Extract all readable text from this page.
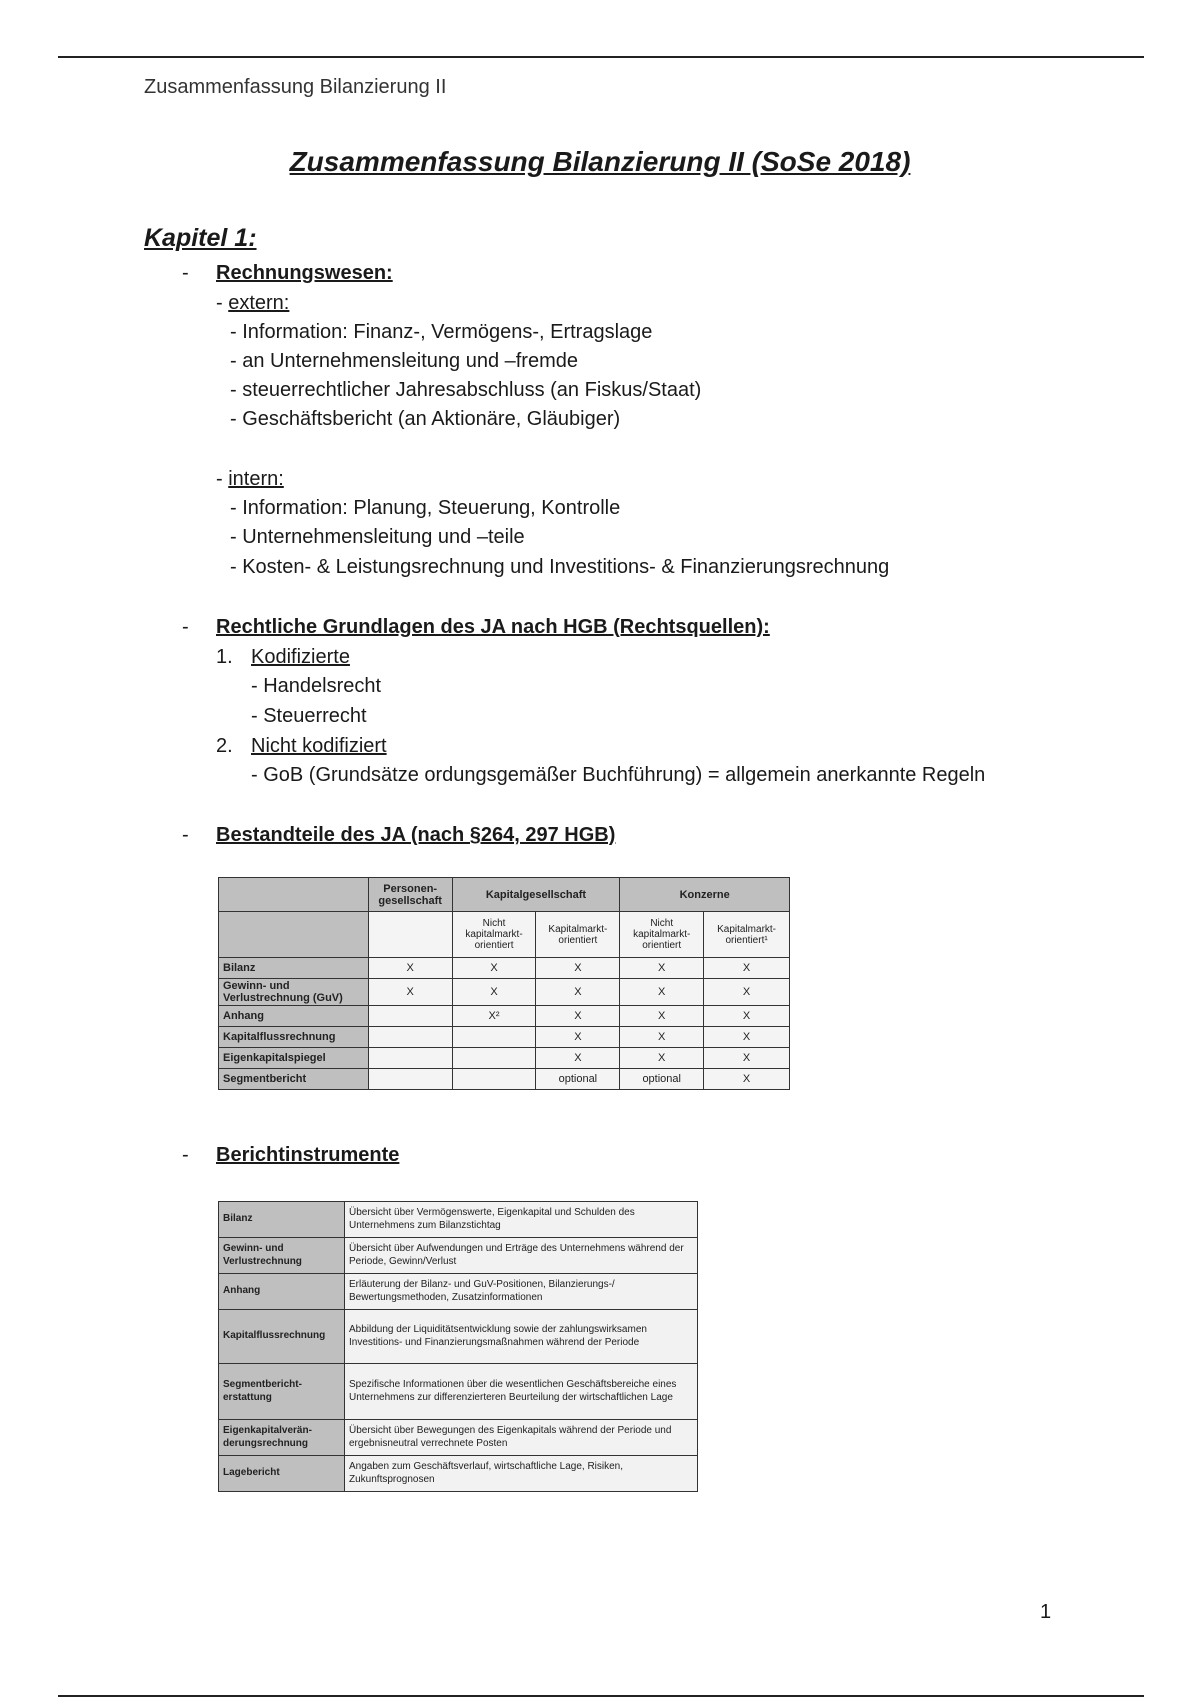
Zusammenfassung Bilanzierung II
Zusammenfassung Bilanzierung II (SoSe 2018)
Kapitel 1:
- Rechnungswesen:
- extern:
- Information: Finanz-, Vermögens-, Ertragslage
- an Unternehmensleitung und –fremde
- steuerrechtlicher Jahresabschluss (an Fiskus/Staat)
- Geschäftsbericht (an Aktionäre, Gläubiger)
- intern:
- Information: Planung, Steuerung, Kontrolle
- Unternehmensleitung und –teile
- Kosten- & Leistungsrechnung und Investitions- & Finanzierungsrechnung
- Rechtliche Grundlagen des JA nach HGB (Rechtsquellen):
1. Kodifizierte
- Handelsrecht
- Steuerrecht
2. Nicht kodifiziert
- GoB (Grundsätze ordungsgemäßer Buchführung) = allgemein anerkannte Regeln
- Bestandteile des JA (nach §264, 297 HGB)
	Personen-gesellschaft	Kapitalgesellschaft		Konzerne	
		Nicht kapitalmarkt-orientiert	Kapitalmarkt-orientiert	Nicht kapitalmarkt-orientiert	Kapitalmarkt-orientiert¹
Bilanz	X	X	X	X	X
Gewinn- und Verlustrechnung (GuV)	X	X	X	X	X
Anhang		X²	X	X	X
Kapitalflussrechnung			X	X	X
Eigenkapitalspiegel			X	X	X
Segmentbericht			optional	optional	X
- Berichtinstrumente
Bilanz	Übersicht über Vermögenswerte, Eigenkapital und Schulden des Unternehmens zum Bilanzstichtag
Gewinn- und Verlustrechnung	Übersicht über Aufwendungen und Erträge des Unternehmens während der Periode, Gewinn/Verlust
Anhang	Erläuterung der Bilanz- und GuV-Positionen, Bilanzierungs-/ Bewertungsmethoden, Zusatzinformationen
Kapitalflussrechnung	Abbildung der Liquiditätsentwicklung sowie der zahlungswirksamen Investitions- und Finanzierungsmaßnahmen während der Periode
Segmentbericht-erstattung	Spezifische Informationen über die wesentlichen Geschäftsbereiche eines Unternehmens zur differenzierteren Beurteilung der wirtschaftlichen Lage
Eigenkapitalverän-derungsrechnung	Übersicht über Bewegungen des Eigenkapitals während der Periode und ergebnisneutral verrechnete Posten
Lagebericht	Angaben zum Geschäftsverlauf, wirtschaftliche Lage, Risiken, Zukunftsprognosen
1
